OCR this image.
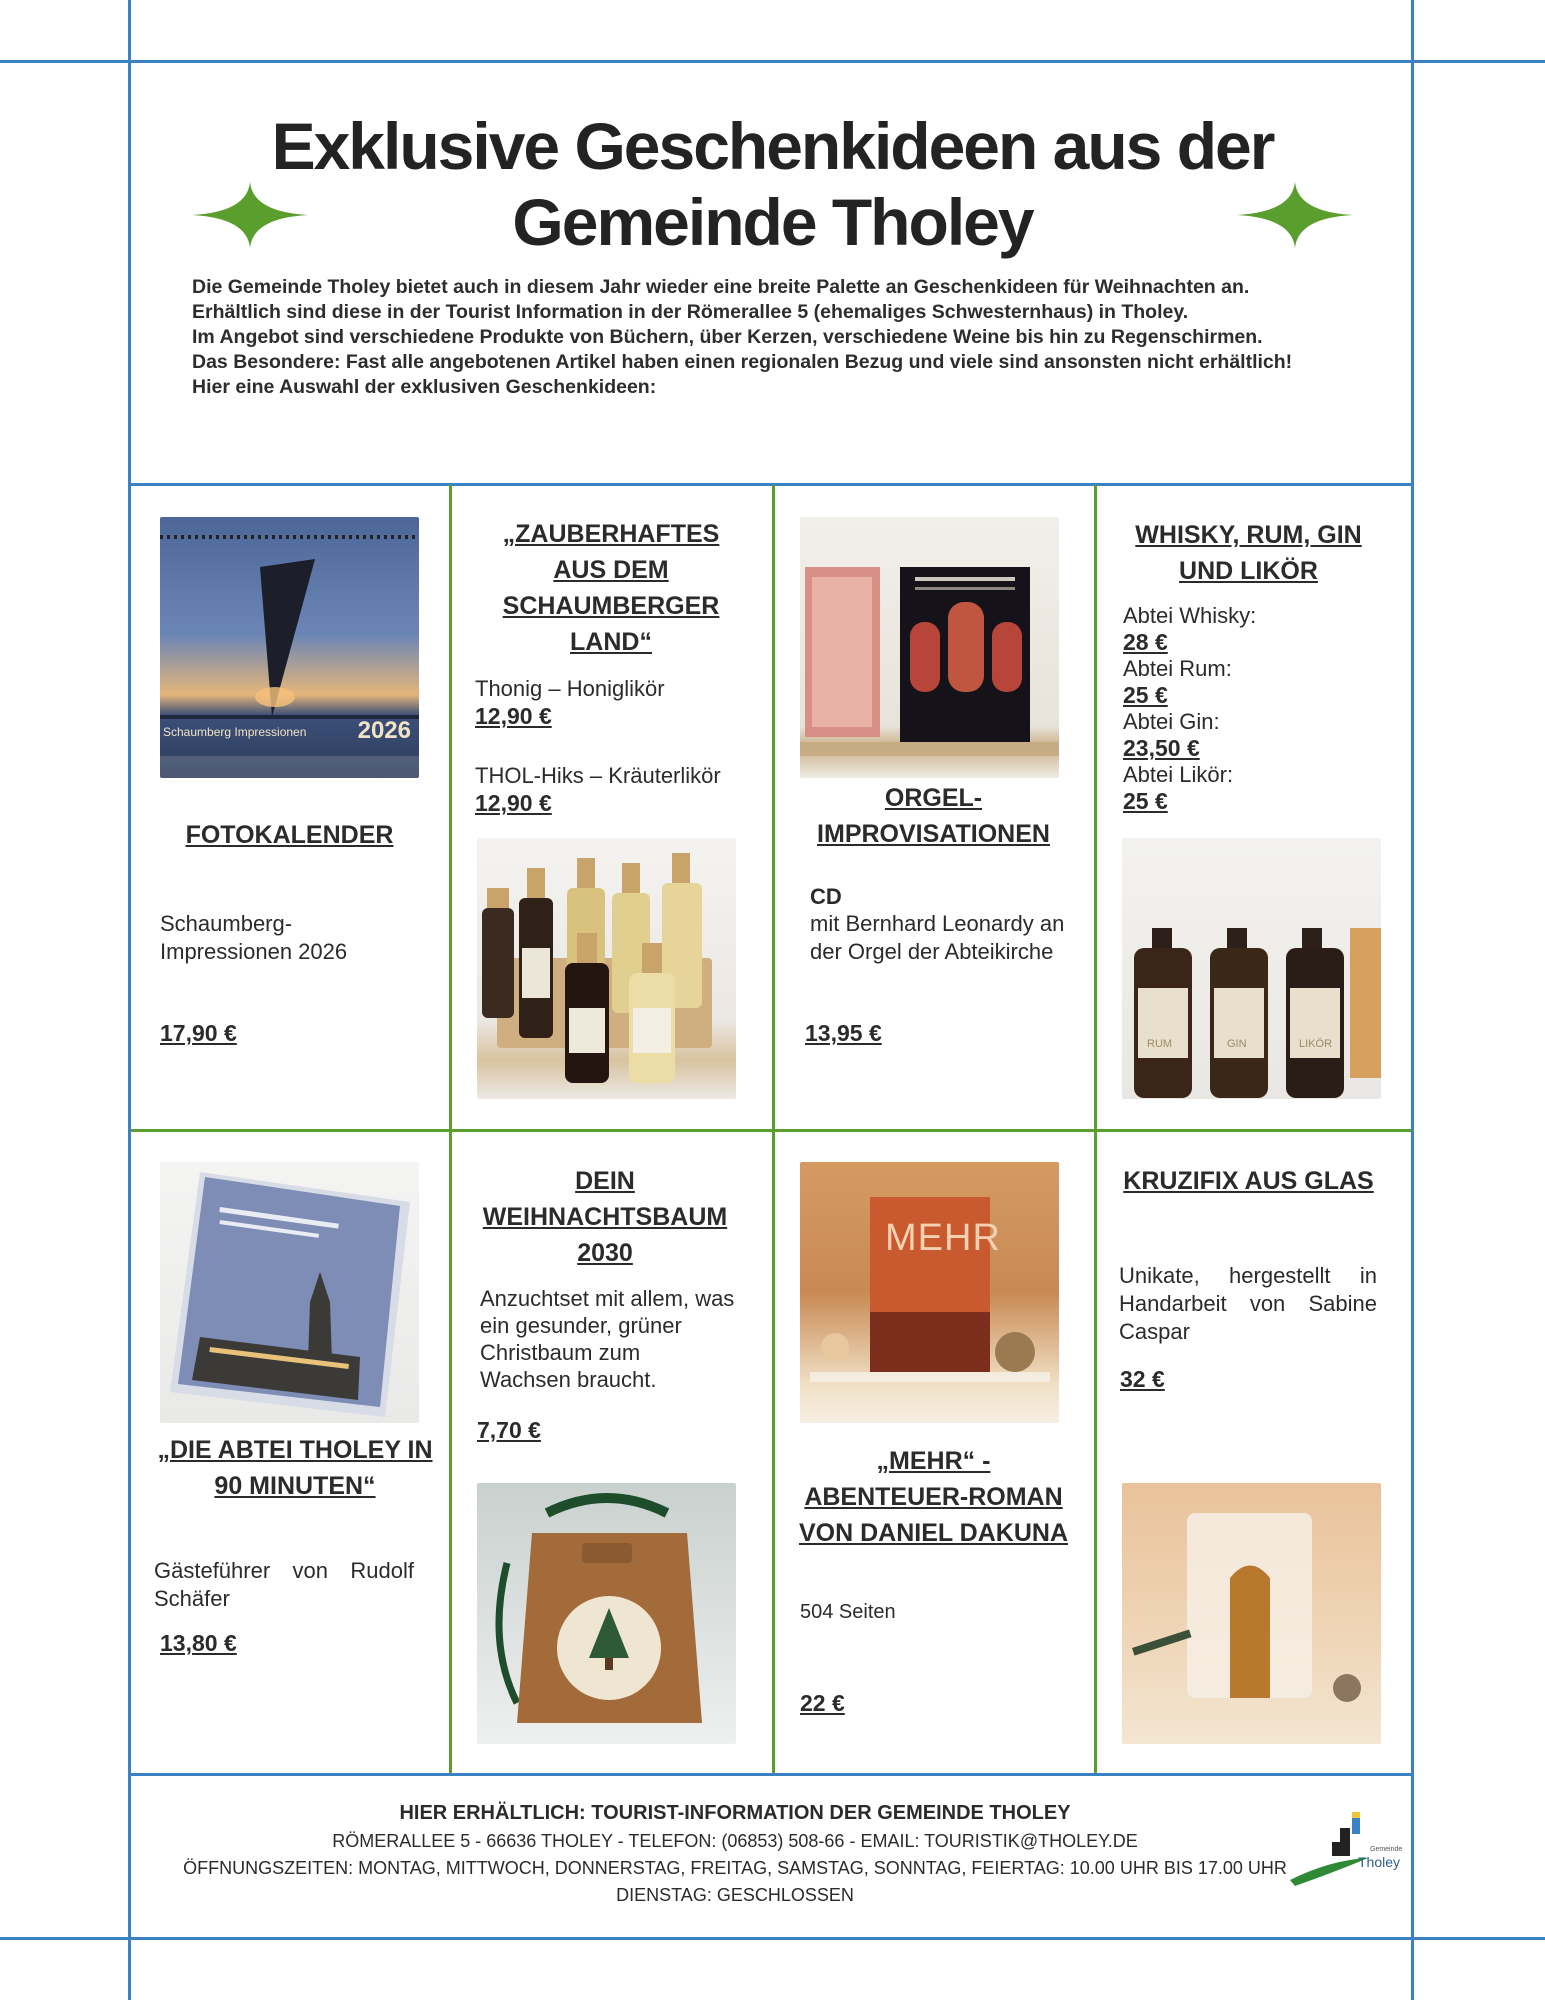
Exklusive Geschenkideen aus der
Gemeinde Tholey
Die Gemeinde Tholey bietet auch in diesem Jahr wieder eine breite Palette an Geschenkideen für Weihnachten an.
Erhältlich sind diese in der Tourist Information in der Römerallee 5 (ehemaliges Schwesternhaus) in Tholey.
Im Angebot sind verschiedene Produkte von Büchern, über Kerzen, verschiedene Weine bis hin zu Regenschirmen.
Das Besondere: Fast alle angebotenen Artikel haben einen regionalen Bezug und viele sind ansonsten nicht erhältlich!
Hier eine Auswahl der exklusiven Geschenkideen:
Schaumberg Impressionen 2026
FOTOKALENDER
Schaumberg-
Impressionen 2026
17,90 €
„ZAUBERHAFTES
AUS DEM
SCHAUMBERGER
LAND“
Thonig – Honiglikör
12,90 €
THOL-Hiks – Kräuterlikör
12,90 €	ORGEL-
IMPROVISATIONEN
CD
mit Bernhard Leonardy an
der Orgel der Abteikirche
13,95 €
WHISKY, RUM, GIN
UND LIKÖR
Abtei Whisky:
28 €
Abtei Rum:
25 €
Abtei Gin:
23,50 €
Abtei Likör:
25 €
RUM	GIN	LIKÖR
„DIE ABTEI THOLEY IN
90 MINUTEN“
Gästeführer von Rudolf Schäfer
13,80 €
DEIN
WEIHNACHTSBAUM
2030
Anzuchtset mit allem, was
ein gesunder, grüner
Christbaum zum
Wachsen braucht.
7,70 €
MEHR
„MEHR“ -
ABENTEUER-ROMAN
VON DANIEL DAKUNA
504 Seiten
22 €
KRUZIFIX AUS GLAS
Unikate, hergestellt in Handarbeit von Sabine Caspar
32 €
HIER ERHÄLTLICH: TOURIST-INFORMATION DER GEMEINDE THOLEY
RÖMERALLEE 5 - 66636 THOLEY - TELEFON: (06853) 508-66 - EMAIL: TOURISTIK@THOLEY.DE
ÖFFNUNGSZEITEN: MONTAG, MITTWOCH, DONNERSTAG, FREITAG, SAMSTAG, SONNTAG, FEIERTAG: 10.00 UHR BIS 17.00 UHR
DIENSTAG: GESCHLOSSEN
Gemeinde
Tholey
